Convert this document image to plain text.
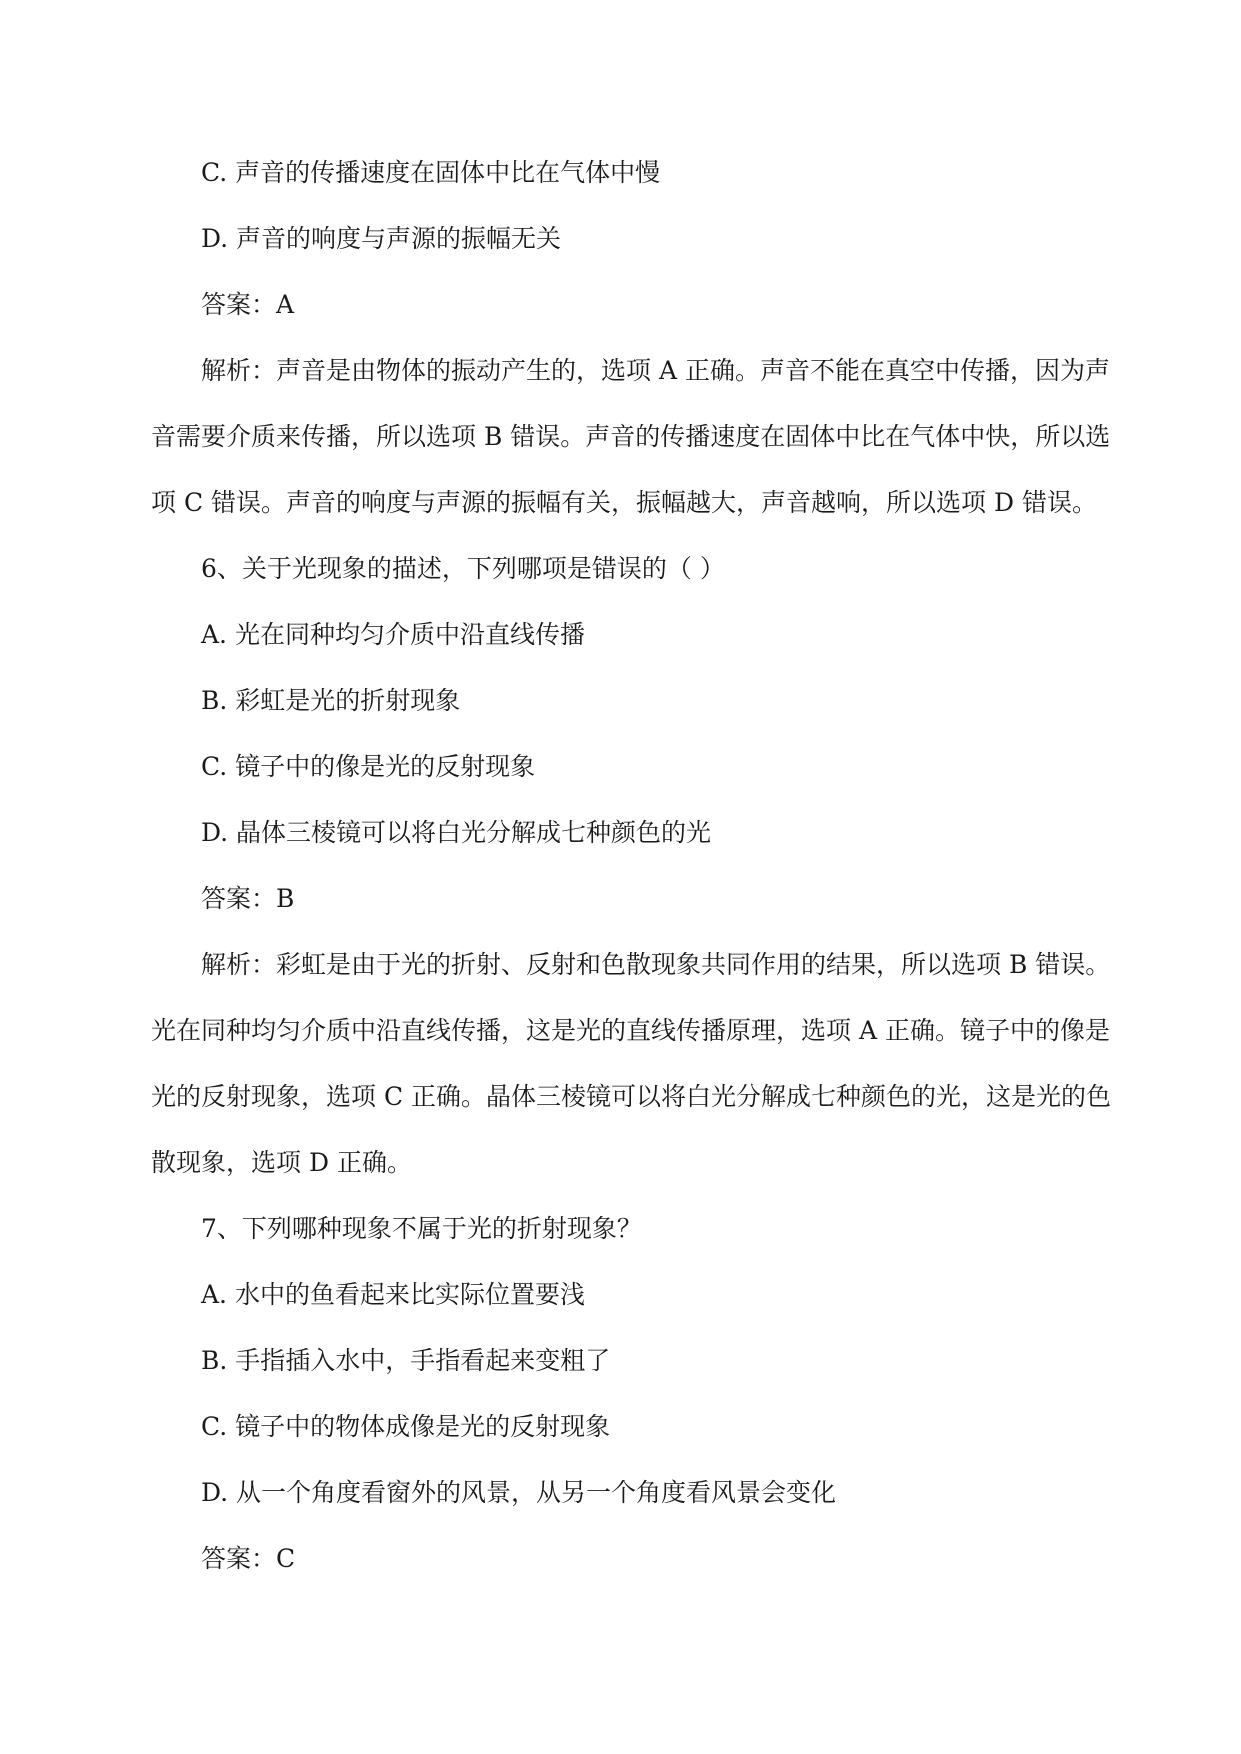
C. 声音的传播速度在固体中比在气体中慢
D. 声音的响度与声源的振幅无关
答案：A
解析：声音是由物体的振动产生的，选项 A 正确。声音不能在真空中传播，因为声
音需要介质来传播，所以选项 B 错误。声音的传播速度在固体中比在气体中快，所以选
项 C 错误。声音的响度与声源的振幅有关，振幅越大，声音越响，所以选项 D 错误。
6、关于光现象的描述，下列哪项是错误的（ ）
A. 光在同种均匀介质中沿直线传播
B. 彩虹是光的折射现象
C. 镜子中的像是光的反射现象
D. 晶体三棱镜可以将白光分解成七种颜色的光
答案：B
解析：彩虹是由于光的折射、反射和色散现象共同作用的结果，所以选项 B 错误。
光在同种均匀介质中沿直线传播，这是光的直线传播原理，选项 A 正确。镜子中的像是
光的反射现象，选项 C 正确。晶体三棱镜可以将白光分解成七种颜色的光，这是光的色
散现象，选项 D 正确。
7、下列哪种现象不属于光的折射现象？
A. 水中的鱼看起来比实际位置要浅
B. 手指插入水中，手指看起来变粗了
C. 镜子中的物体成像是光的反射现象
D. 从一个角度看窗外的风景，从另一个角度看风景会变化
答案：C
